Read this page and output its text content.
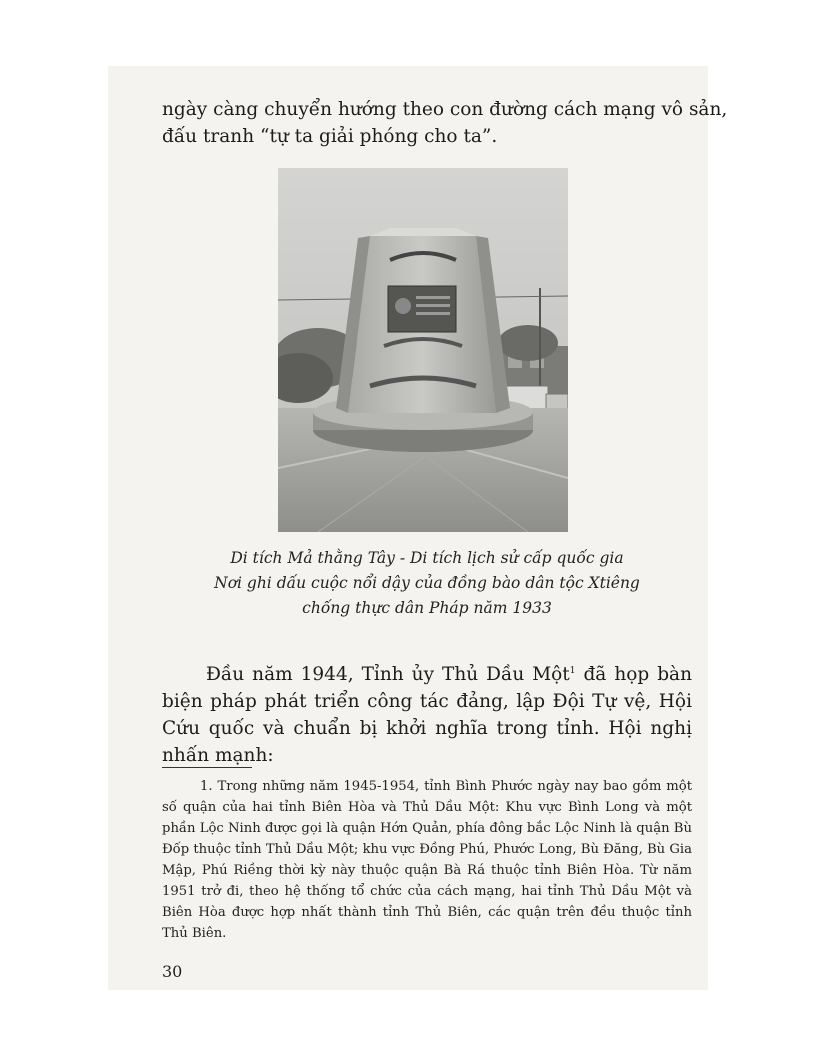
ngày càng chuyển hướng theo con đường cách mạng vô sản,
đấu tranh “tự ta giải phóng cho ta”.
Di tích Mả thằng Tây - Di tích lịch sử cấp quốc gia
Nơi ghi dấu cuộc nổi dậy của đồng bào dân tộc Xtiêng
chống thực dân Pháp năm 1933
Đầu năm 1944, Tỉnh ủy Thủ Dầu Một$^1$ đã họp bàn biện pháp phát triển công tác đảng, lập Đội Tự vệ, Hội Cứu quốc và chuẩn bị khởi nghĩa trong tỉnh. Hội nghị nhấn mạnh:
1. Trong những năm 1945-1954, tỉnh Bình Phước ngày nay bao gồm một số quận của hai tỉnh Biên Hòa và Thủ Dầu Một: Khu vực Bình Long và một phần Lộc Ninh được gọi là quận Hớn Quản, phía đông bắc Lộc Ninh là quận Bù Đốp thuộc tỉnh Thủ Dầu Một; khu vực Đồng Phú, Phước Long, Bù Đăng, Bù Gia Mập, Phú Riềng thời kỳ này thuộc quận Bà Rá thuộc tỉnh Biên Hòa. Từ năm 1951 trở đi, theo hệ thống tổ chức của cách mạng, hai tỉnh Thủ Dầu Một và Biên Hòa được hợp nhất thành tỉnh Thủ Biên, các quận trên đều thuộc tỉnh Thủ Biên.
30
